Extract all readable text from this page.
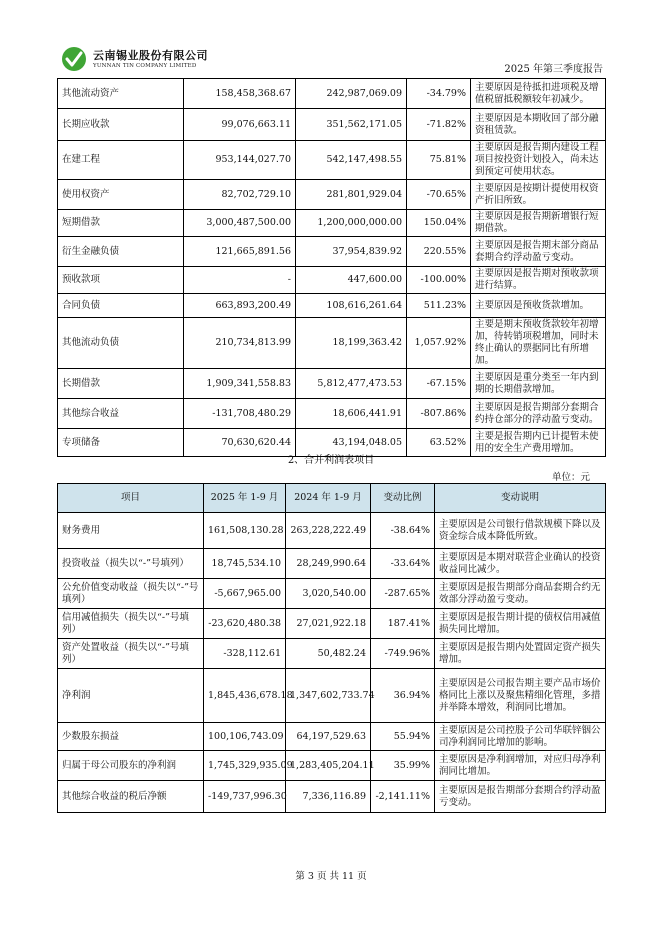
云南锡业股份有限公司
YUNNAN TIN COMPANY LIMITED	2025 年第三季度报告
其他流动资产	158,458,368.67	242,987,069.09	-34.79%	主要原因是待抵扣进项税及增值税留抵税额较年初减少。
长期应收款	99,076,663.11	351,562,171.05	-71.82%	主要原因是本期收回了部分融资租赁款。
在建工程	953,144,027.70	542,147,498.55	75.81%	主要原因是报告期内建设工程项目按投资计划投入，尚未达到预定可使用状态。
使用权资产	82,702,729.10	281,801,929.04	-70.65%	主要原因是按期计提使用权资产折旧所致。
短期借款	3,000,487,500.00	1,200,000,000.00	150.04%	主要原因是报告期新增银行短期借款。
衍生金融负债	121,665,891.56	37,954,839.92	220.55%	主要原因是报告期末部分商品套期合约浮动盈亏变动。
预收款项	-	447,600.00	-100.00%	主要原因是报告期对预收款项进行结算。
合同负债	663,893,200.49	108,616,261.64	511.23%	主要原因是预收货款增加。
其他流动负债	210,734,813.99	18,199,363.42	1,057.92%	主要是期末预收货款较年初增加，待转销项税增加，同时未终止确认的票据同比有所增加。
长期借款	1,909,341,558.83	5,812,477,473.53	-67.15%	主要原因是重分类至一年内到期的长期借款增加。
其他综合收益	-131,708,480.29	18,606,441.91	-807.86%	主要原因是报告期部分套期合约持仓部分的浮动盈亏变动。
专项储备	70,630,620.44	43,194,048.05	63.52%	主要是报告期内已计提暂未使用的安全生产费用增加。
2、合并利润表项目
单位：元
项目	2025 年 1-9 月	2024 年 1-9 月	变动比例	变动说明
财务费用	161,508,130.28	263,228,222.49	-38.64%	主要原因是公司银行借款规模下降以及资金综合成本降低所致。
投资收益（损失以“-”号填列）	18,745,534.10	28,249,990.64	-33.64%	主要原因是本期对联营企业确认的投资收益同比减少。
公允价值变动收益（损失以“-”号填列）	-5,667,965.00	3,020,540.00	-287.65%	主要原因是报告期部分商品套期合约无效部分浮动盈亏变动。
信用减值损失（损失以“-”号填列）	-23,620,480.38	27,021,922.18	187.41%	主要原因是报告期计提的债权信用减值损失同比增加。
资产处置收益（损失以“-”号填列）	-328,112.61	50,482.24	-749.96%	主要原因是报告期内处置固定资产损失增加。
净利润	1,845,436,678.18	1,347,602,733.74	36.94%	主要原因是公司报告期主要产品市场价格同比上涨以及聚焦精细化管理，多措并举降本增效，利润同比增加。
少数股东损益	100,106,743.09	64,197,529.63	55.94%	主要原因是公司控股子公司华联锌铟公司净利润同比增加的影响。
归属于母公司股东的净利润	1,745,329,935.09	1,283,405,204.11	35.99%	主要原因是净利润增加，对应归母净利润同比增加。
其他综合收益的税后净额	-149,737,996.30	7,336,116.89	-2,141.11%	主要原因是报告期部分套期合约浮动盈亏变动。
第 3 页 共 11 页
